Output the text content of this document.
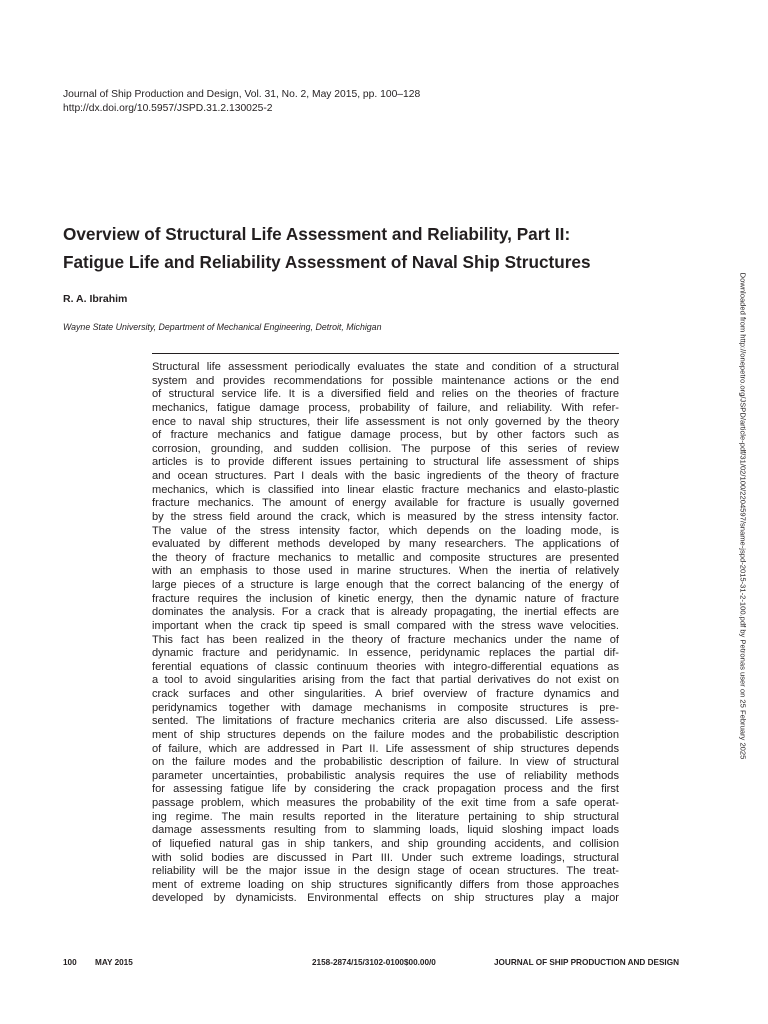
Journal of Ship Production and Design, Vol. 31, No. 2, May 2015, pp. 100–128
http://dx.doi.org/10.5957/JSPD.31.2.130025-2
Overview of Structural Life Assessment and Reliability, Part II:
Fatigue Life and Reliability Assessment of Naval Ship Structures
R. A. Ibrahim
Wayne State University, Department of Mechanical Engineering, Detroit, Michigan
Structural life assessment periodically evaluates the state and condition of a structural
system and provides recommendations for possible maintenance actions or the end
of structural service life. It is a diversified field and relies on the theories of fracture
mechanics, fatigue damage process, probability of failure, and reliability. With refer-
ence to naval ship structures, their life assessment is not only governed by the theory
of fracture mechanics and fatigue damage process, but by other factors such as
corrosion, grounding, and sudden collision. The purpose of this series of review
articles is to provide different issues pertaining to structural life assessment of ships
and ocean structures. Part I deals with the basic ingredients of the theory of fracture
mechanics, which is classified into linear elastic fracture mechanics and elasto-plastic
fracture mechanics. The amount of energy available for fracture is usually governed
by the stress field around the crack, which is measured by the stress intensity factor.
The value of the stress intensity factor, which depends on the loading mode, is
evaluated by different methods developed by many researchers. The applications of
the theory of fracture mechanics to metallic and composite structures are presented
with an emphasis to those used in marine structures. When the inertia of relatively
large pieces of a structure is large enough that the correct balancing of the energy of
fracture requires the inclusion of kinetic energy, then the dynamic nature of fracture
dominates the analysis. For a crack that is already propagating, the inertial effects are
important when the crack tip speed is small compared with the stress wave velocities.
This fact has been realized in the theory of fracture mechanics under the name of
dynamic fracture and peridynamic. In essence, peridynamic replaces the partial dif-
ferential equations of classic continuum theories with integro-differential equations as
a tool to avoid singularities arising from the fact that partial derivatives do not exist on
crack surfaces and other singularities. A brief overview of fracture dynamics and
peridynamics together with damage mechanisms in composite structures is pre-
sented. The limitations of fracture mechanics criteria are also discussed. Life assess-
ment of ship structures depends on the failure modes and the probabilistic description
of failure, which are addressed in Part II. Life assessment of ship structures depends
on the failure modes and the probabilistic description of failure. In view of structural
parameter uncertainties, probabilistic analysis requires the use of reliability methods
for assessing fatigue life by considering the crack propagation process and the first
passage problem, which measures the probability of the exit time from a safe operat-
ing regime. The main results reported in the literature pertaining to ship structural
damage assessments resulting from to slamming loads, liquid sloshing impact loads
of liquefied natural gas in ship tankers, and ship grounding accidents, and collision
with solid bodies are discussed in Part III. Under such extreme loadings, structural
reliability will be the major issue in the design stage of ocean structures. The treat-
ment of extreme loading on ship structures significantly differs from those approaches
developed by dynamicists. Environmental effects on ship structures play a major
Downloaded from http://onepetro.org/JSPD/article-pdf/31/02/100/2204597/sname-jspd-2015-31-2-100.pdf by Petronas user on 25 February 2025
100 MAY 2015	2158-2874/15/3102-0100$00.00/0	JOURNAL OF SHIP PRODUCTION AND DESIGN
